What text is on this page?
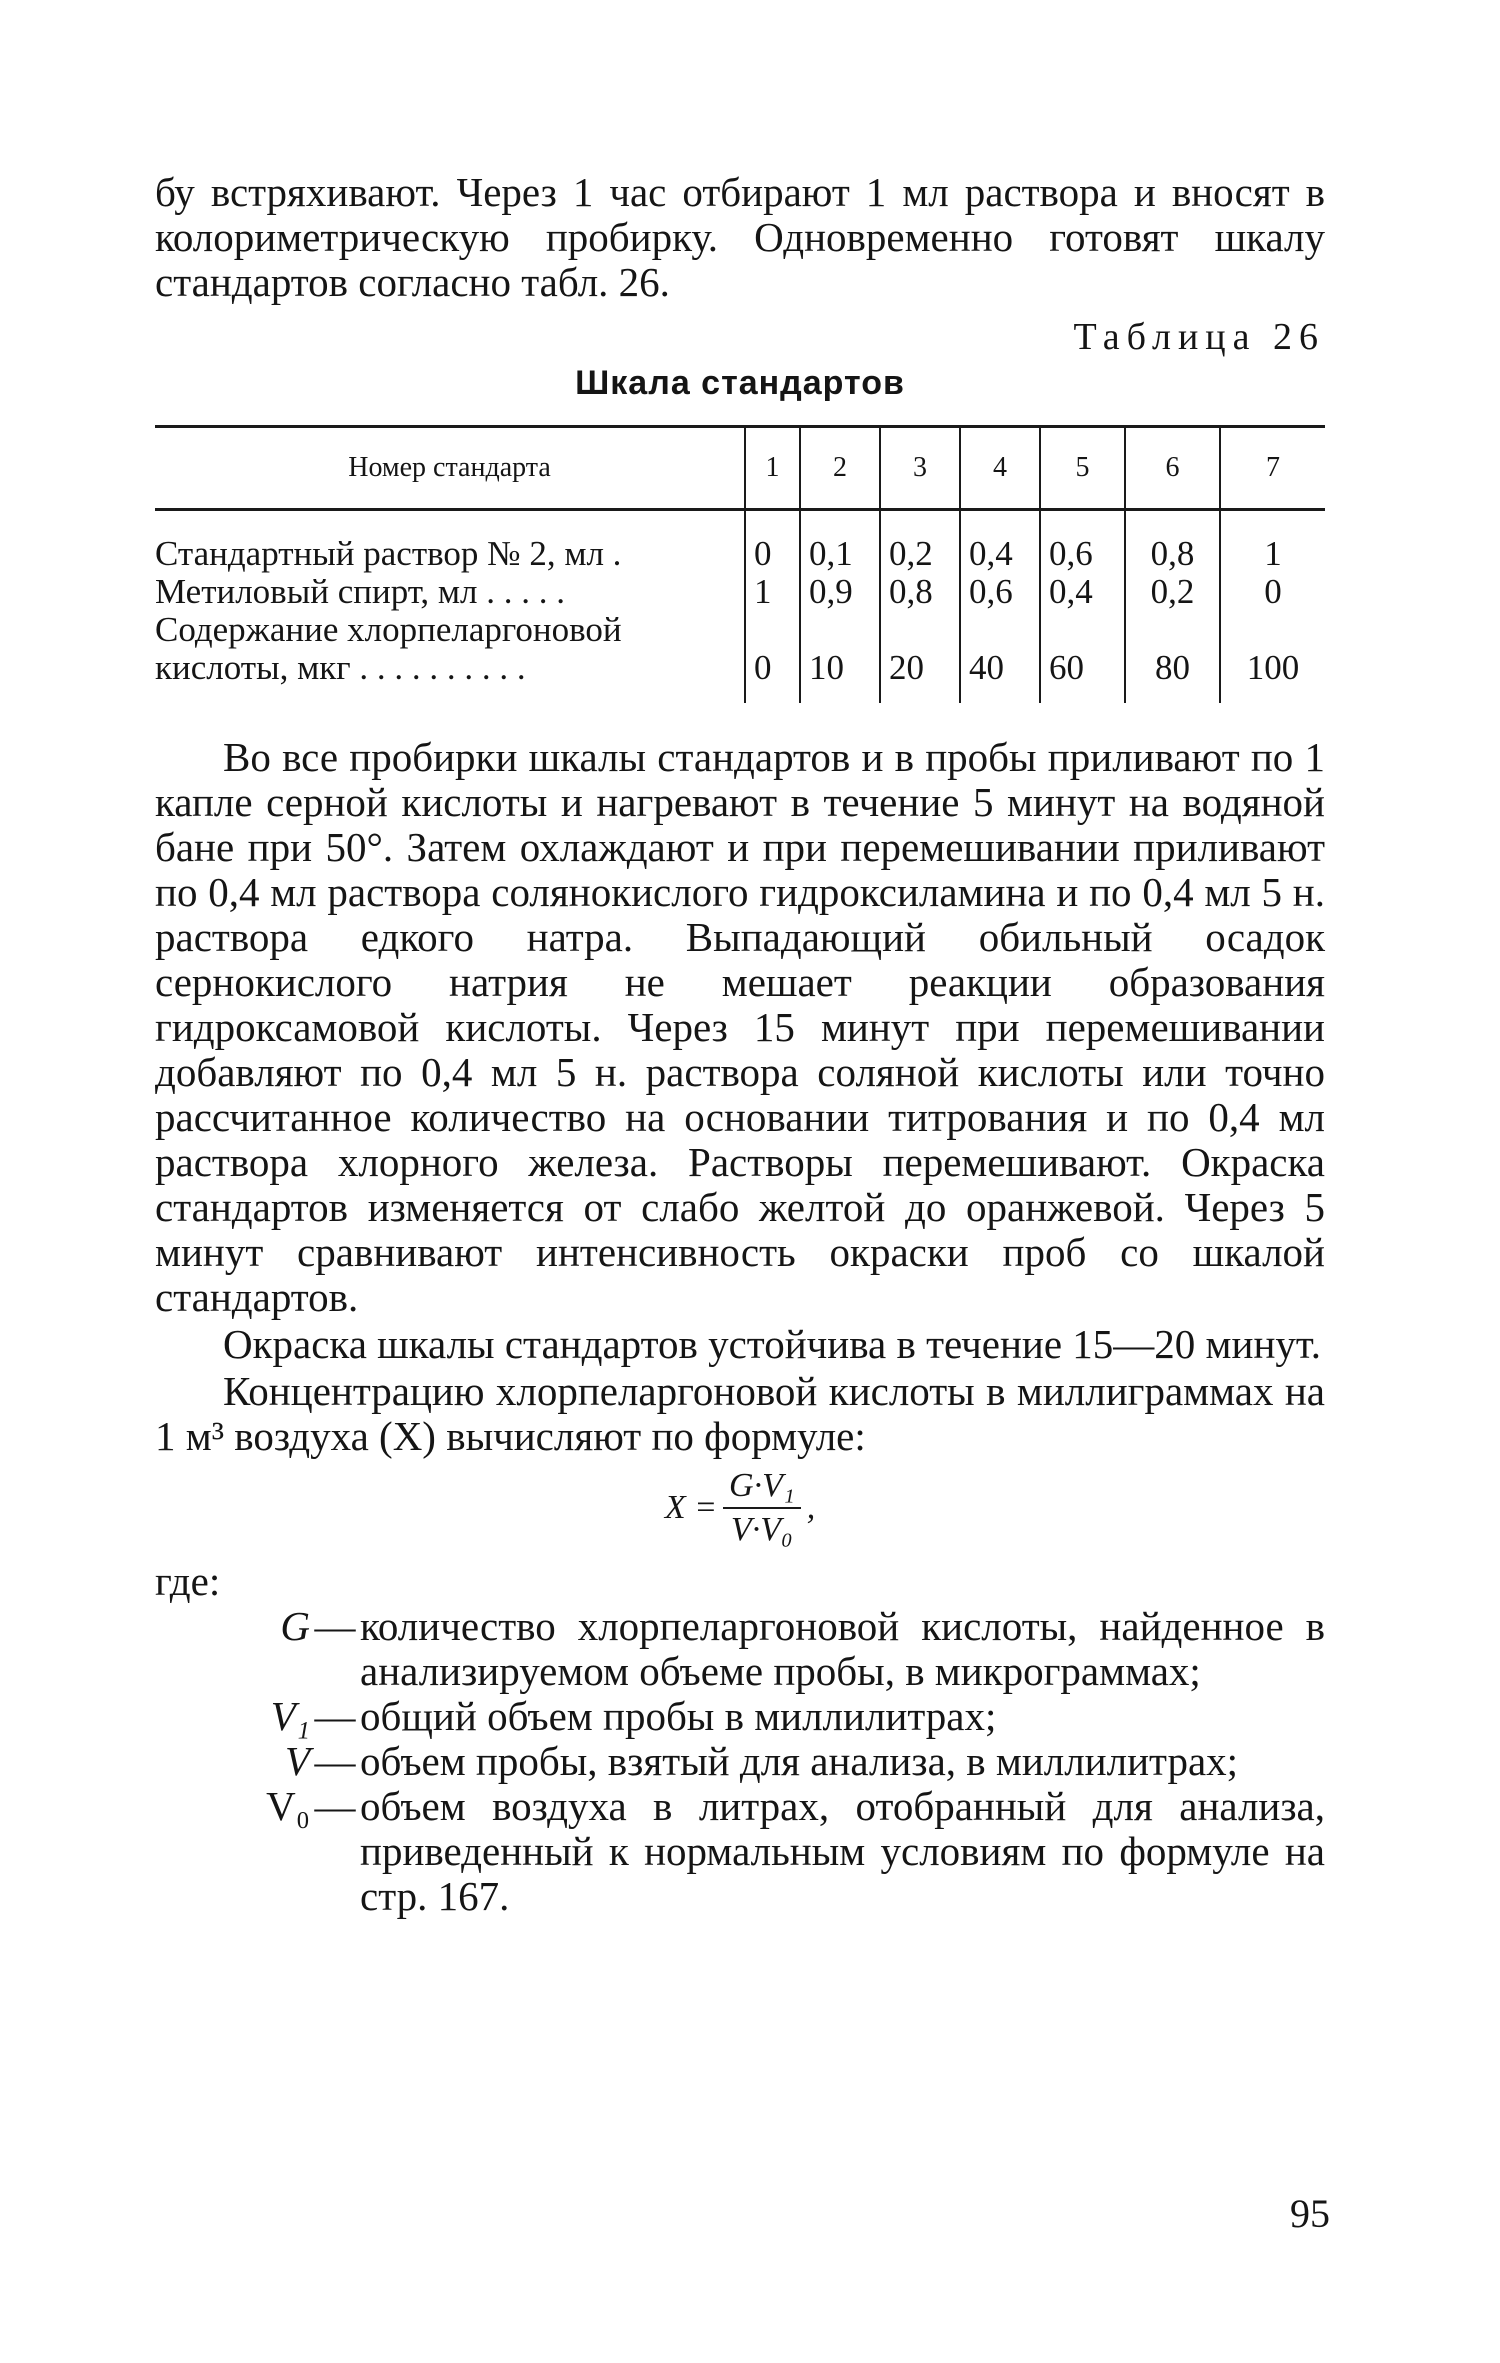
бу встряхивают. Через 1 час отбирают 1 мл раствора и вносят в колориметрическую пробирку. Одновременно готовят шкалу стандартов согласно табл. 26.

Таблица 26

Шкала стандартов

Номер стандарта	1	2	3	4	5	6	7
Стандартный раствор № 2, мл .	0	0,1	0,2	0,4	0,6	0,8	1
Метиловый спирт, мл . . . . .	1	0,9	0,8	0,6	0,4	0,2	0

Содержание хлорпеларгоновой
кислоты, мкг . . . . . . . . . .	0	10	20	40	60	80	100

Во все пробирки шкалы стандартов и в пробы приливают по 1 капле серной кислоты и нагревают в течение 5 минут на водяной бане при 50°. Затем охлаждают и при перемешивании приливают по 0,4 мл раствора солянокислого гидроксиламина и по 0,4 мл 5 н. раствора едкого натра. Выпадающий обильный осадок сернокислого натрия не мешает реакции образования гидроксамовой кислоты. Через 15 минут при перемешивании добавляют по 0,4 мл 5 н. раствора соляной кислоты или точно рассчитанное количество на основании титрования и по 0,4 мл раствора хлорного железа. Растворы перемешивают. Окраска стандартов изменяется от слабо желтой до оранжевой. Через 5 минут сравнивают интенсивность окраски проб со шкалой стандартов.

Окраска шкалы стандартов устойчива в течение 15—20 минут.

Концентрацию хлорпеларгоновой кислоты в миллиграммах на 1 м³ воздуха (X) вычисляют по формуле:

$X = \frac{\text{G·V₁}}{\text{V·V₀}}$ ,

где:

G — количество хлорпеларгоновой кислоты, найденное в анализируемом объеме пробы, в микрограммах;
V₁ — общий объем пробы в миллилитрах;
V — объем пробы, взятый для анализа, в миллилитрах;
V₀ — объем воздуха в литрах, отобранный для анализа, приведенный к нормальным условиям по формуле на стр. 167.
95
